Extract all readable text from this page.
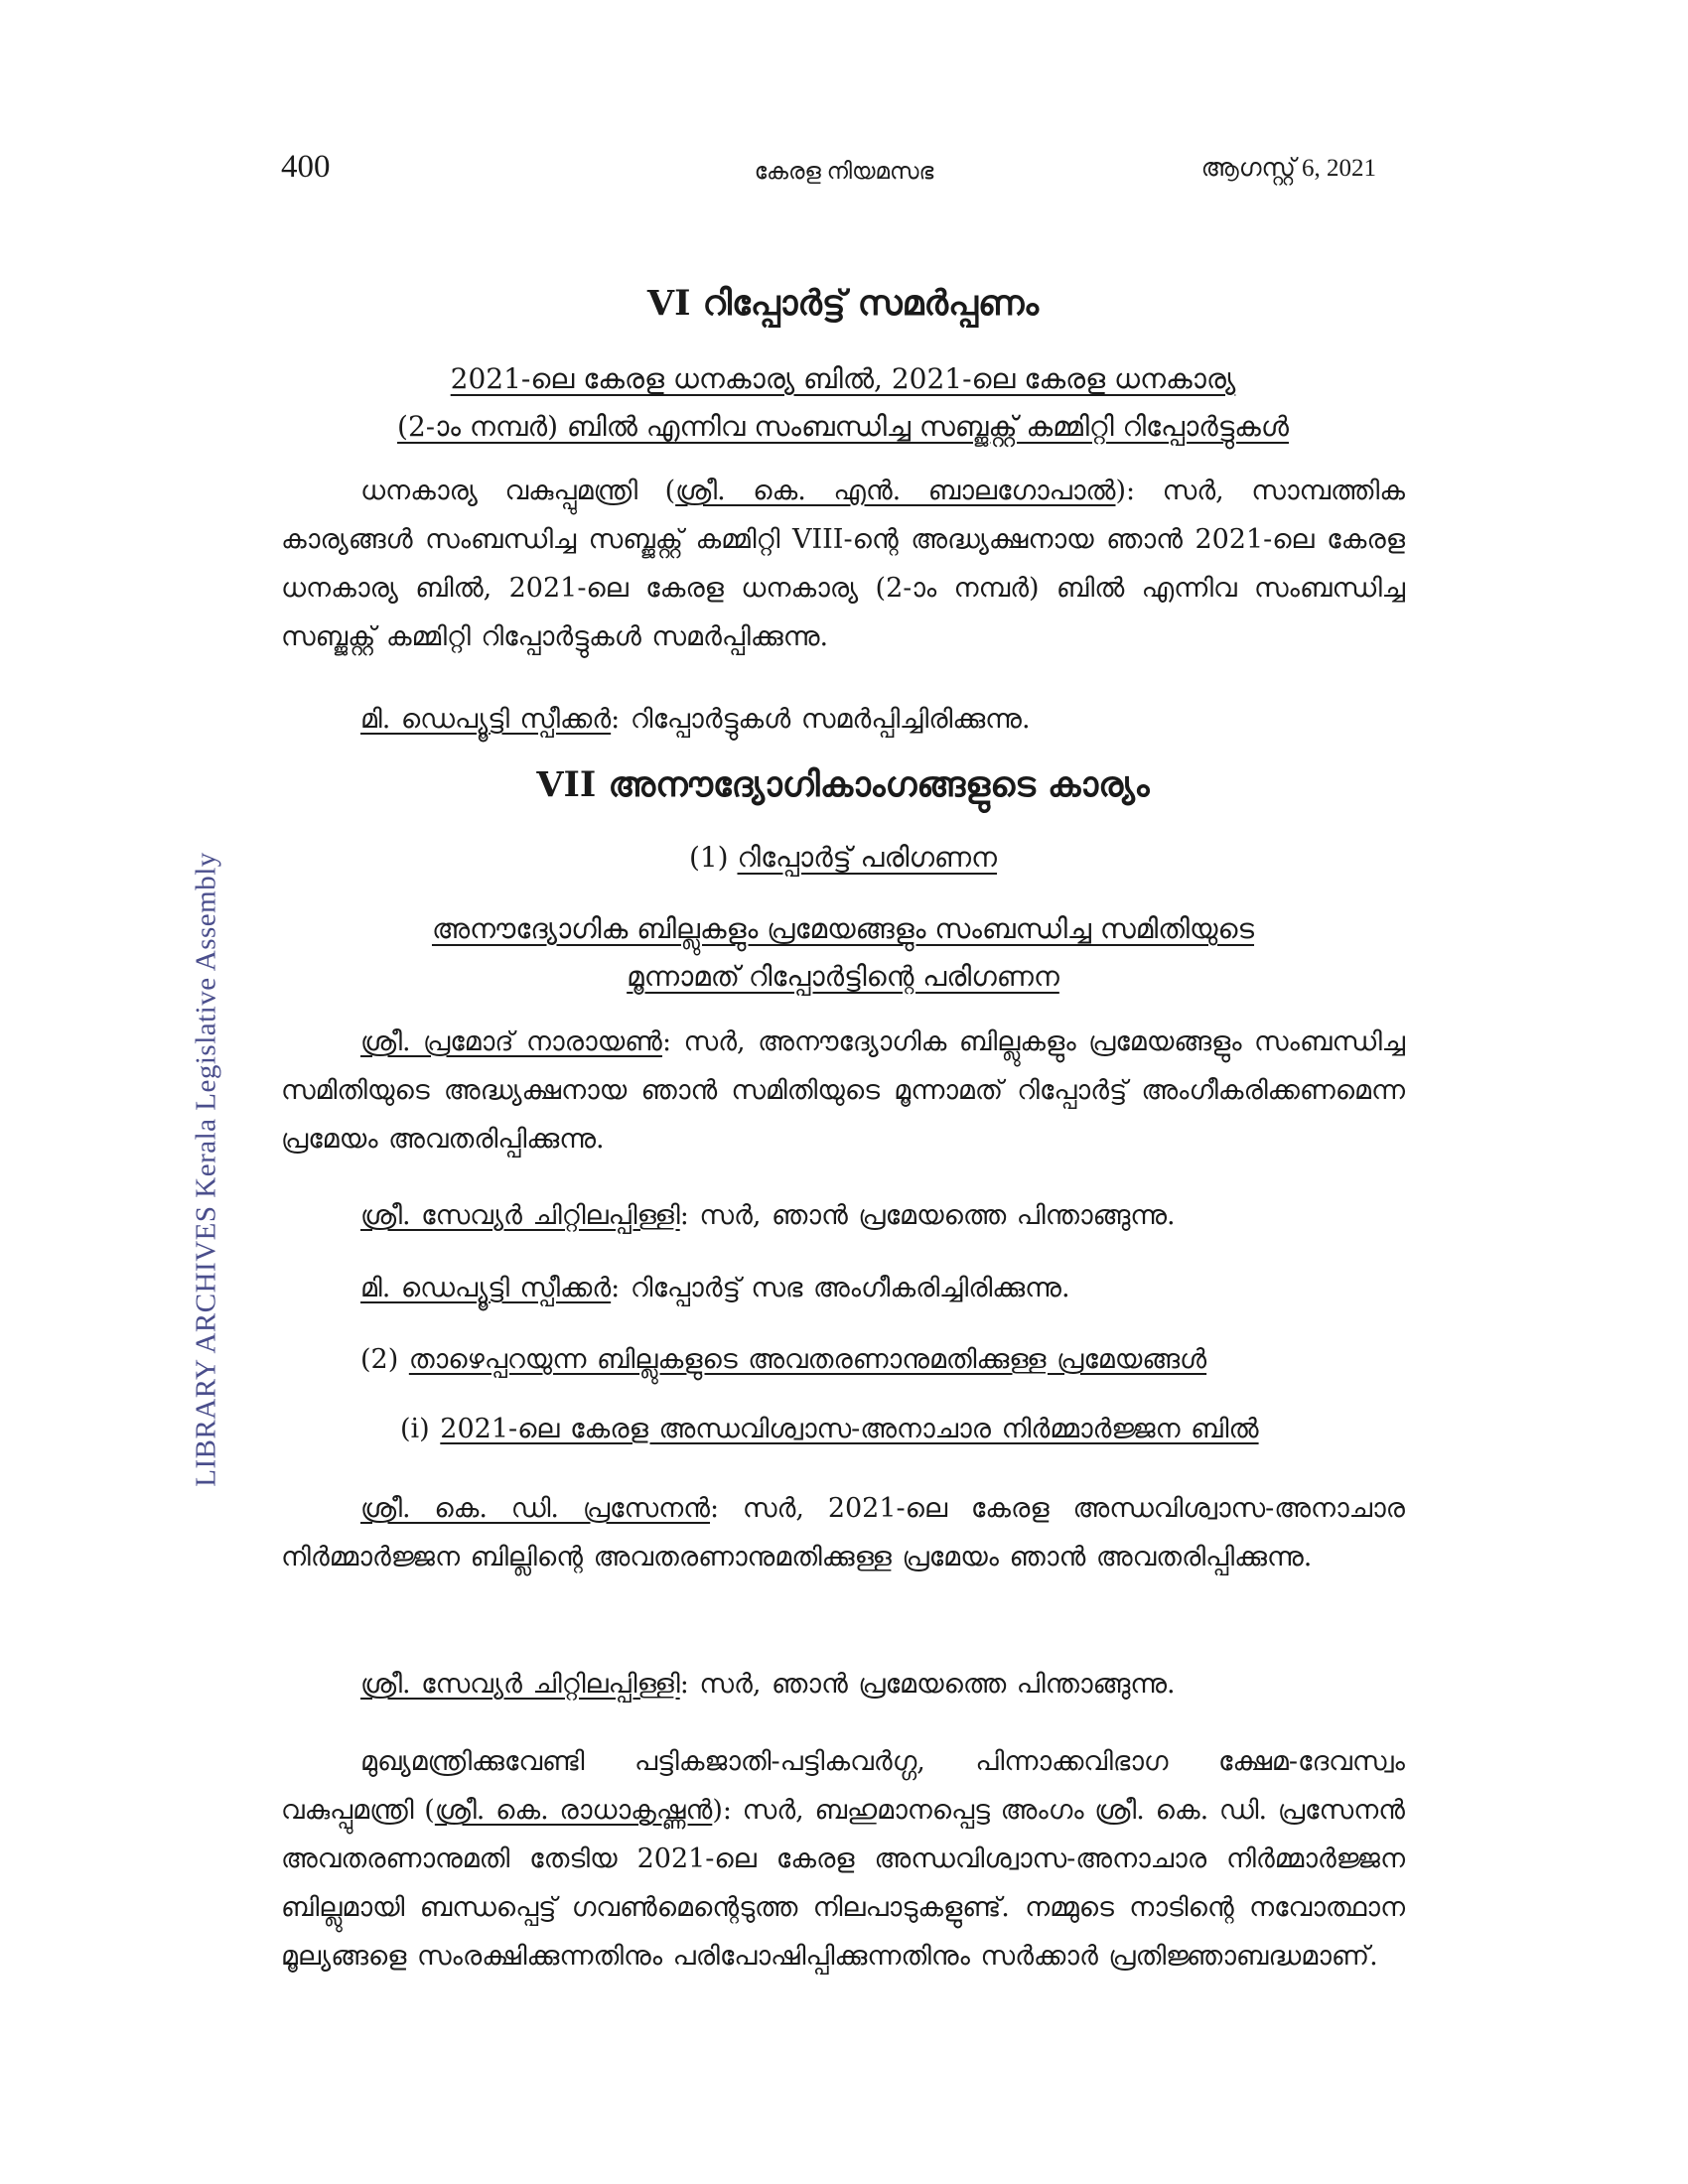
LIBRARY ARCHIVES Kerala Legislative Assembly
400	കേരള നിയമസഭ	ആഗസ്റ്റ് 6, 2021
VI റിപ്പോർട്ട് സമർപ്പണം
2021-ലെ കേരള ധനകാര്യ ബിൽ, 2021-ലെ കേരള ധനകാര്യ
(2-ാം നമ്പർ) ബിൽ എന്നിവ സംബന്ധിച്ച സബ്ജക്റ്റ് കമ്മിറ്റി റിപ്പോർട്ടുകൾ

ധനകാര്യ വകുപ്പുമന്ത്രി (ശ്രീ. കെ. എൻ. ബാലഗോപാൽ): സർ, സാമ്പത്തിക കാര്യങ്ങൾ സംബന്ധിച്ച സബ്ജക്റ്റ് കമ്മിറ്റി VIII-ന്റെ അദ്ധ്യക്ഷനായ ഞാൻ 2021-ലെ കേരള ധനകാര്യ ബിൽ, 2021-ലെ കേരള ധനകാര്യ (2-ാം നമ്പർ) ബിൽ എന്നിവ സംബന്ധിച്ച സബ്ജക്റ്റ് കമ്മിറ്റി റിപ്പോർട്ടുകൾ സമർപ്പിക്കുന്നു.

മി. ഡെപ്യൂട്ടി സ്പീക്കർ: റിപ്പോർട്ടുകൾ സമർപ്പിച്ചിരിക്കുന്നു.

VII അനൗദ്യോഗികാംഗങ്ങളുടെ കാര്യം
(1) റിപ്പോർട്ട് പരിഗണന
അനൗദ്യോഗിക ബില്ലുകളും പ്രമേയങ്ങളും സംബന്ധിച്ച സമിതിയുടെ
മൂന്നാമത് റിപ്പോർട്ടിന്റെ പരിഗണന

ശ്രീ. പ്രമോദ് നാരായൺ: സർ, അനൗദ്യോഗിക ബില്ലുകളും പ്രമേയങ്ങളും സംബന്ധിച്ച സമിതിയുടെ അദ്ധ്യക്ഷനായ ഞാൻ സമിതിയുടെ മൂന്നാമത് റിപ്പോർട്ട് അംഗീകരിക്കണമെന്ന പ്രമേയം അവതരിപ്പിക്കുന്നു.

ശ്രീ. സേവ്യർ ചിറ്റിലപ്പിള്ളി: സർ, ഞാൻ പ്രമേയത്തെ പിന്താങ്ങുന്നു.

മി. ഡെപ്യൂട്ടി സ്പീക്കർ: റിപ്പോർട്ട് സഭ അംഗീകരിച്ചിരിക്കുന്നു.

(2) താഴെപ്പറയുന്ന ബില്ലുകളുടെ അവതരണാനുമതിക്കുള്ള പ്രമേയങ്ങൾ

(i) 2021-ലെ കേരള അന്ധവിശ്വാസ-അനാചാര നിർമ്മാർജ്ജന ബിൽ

ശ്രീ. കെ. ഡി. പ്രസേനൻ: സർ, 2021-ലെ കേരള അന്ധവിശ്വാസ-അനാചാര നിർമ്മാർജ്ജന ബില്ലിന്റെ അവതരണാനുമതിക്കുള്ള പ്രമേയം ഞാൻ അവതരിപ്പിക്കുന്നു.

ശ്രീ. സേവ്യർ ചിറ്റിലപ്പിള്ളി: സർ, ഞാൻ പ്രമേയത്തെ പിന്താങ്ങുന്നു.

മുഖ്യമന്ത്രിക്കുവേണ്ടി പട്ടികജാതി-പട്ടികവർഗ്ഗ, പിന്നാക്കവിഭാഗ ക്ഷേമ-ദേവസ്വം വകുപ്പുമന്ത്രി (ശ്രീ. കെ. രാധാകൃഷ്ണൻ): സർ, ബഹുമാനപ്പെട്ട അംഗം ശ്രീ. കെ. ഡി. പ്രസേനൻ അവതരണാനുമതി തേടിയ 2021-ലെ കേരള അന്ധവിശ്വാസ-അനാചാര നിർമ്മാർജ്ജന ബില്ലുമായി ബന്ധപ്പെട്ട് ഗവൺമെന്റെടുത്ത നിലപാടുകളുണ്ട്. നമ്മുടെ നാടിന്റെ നവോത്ഥാന മൂല്യങ്ങളെ സംരക്ഷിക്കുന്നതിനും പരിപോഷിപ്പിക്കുന്നതിനും സർക്കാർ പ്രതിജ്ഞാബദ്ധമാണ്.
